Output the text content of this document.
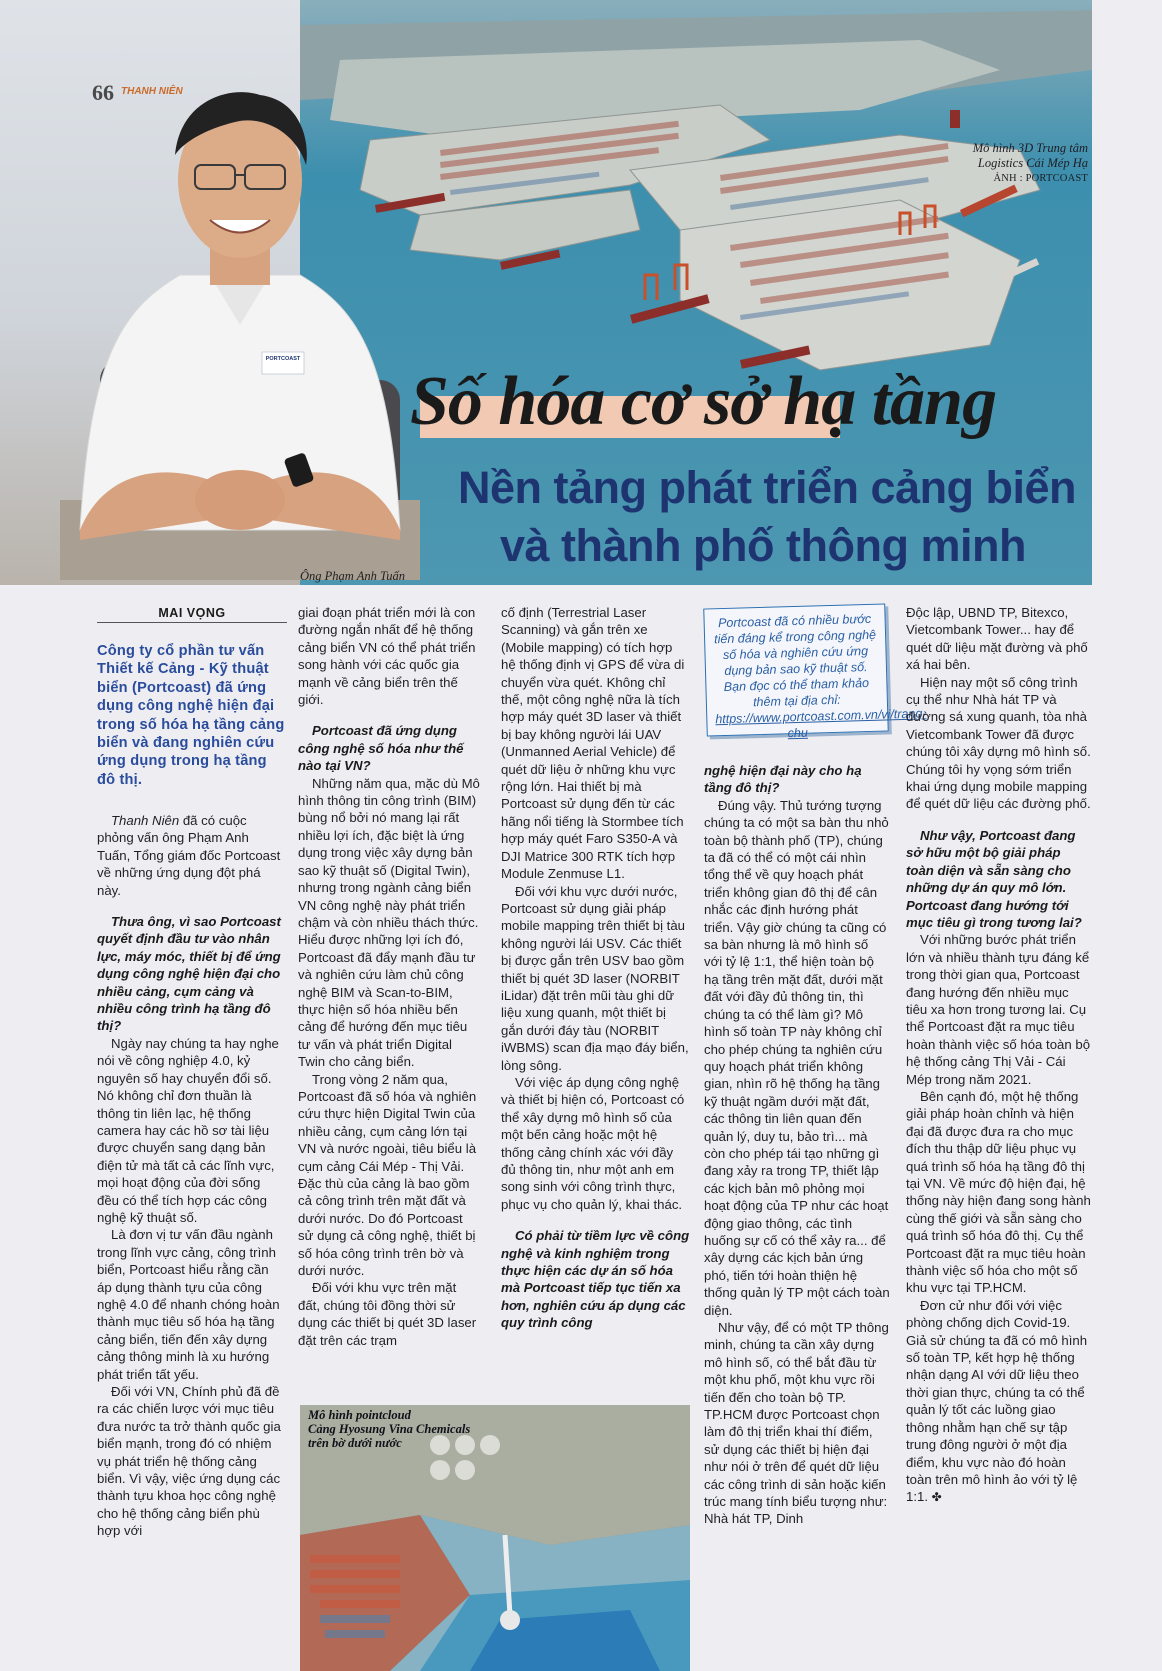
PORTCOAST
66 THANH NIÊN
Mô hình 3D Trung tâm
Logistics Cái Mép Hạ
ẢNH : PORTCOAST
Số hóa cơ sở hạ tầng
Nền tảng phát triển cảng biển
và thành phố thông minh
Ông Phạm Anh Tuấn
MAI VỌNG
Công ty cổ phần tư vấn Thiết kế Cảng - Kỹ thuật biển (Portcoast) đã ứng dụng công nghệ hiện đại trong số hóa hạ tầng cảng biển và đang nghiên cứu ứng dụng trong hạ tầng đô thị.

Thanh Niên đã có cuộc phỏng vấn ông Phạm Anh Tuấn, Tổng giám đốc Portcoast về những ứng dụng đột phá này.

Thưa ông, vì sao Portcoast quyết định đầu tư vào nhân lực, máy móc, thiết bị để ứng dụng công nghệ hiện đại cho nhiều cảng, cụm cảng và nhiều công trình hạ tầng đô thị?

Ngày nay chúng ta hay nghe nói về công nghiệp 4.0, kỷ nguyên số hay chuyển đổi số. Nó không chỉ đơn thuần là thông tin liên lạc, hệ thống camera hay các hồ sơ tài liệu được chuyển sang dạng bản điện tử mà tất cả các lĩnh vực, mọi hoạt động của đời sống đều có thể tích hợp các công nghệ kỹ thuật số.

Là đơn vị tư vấn đầu ngành trong lĩnh vực cảng, công trình biển, Portcoast hiểu rằng cần áp dụng thành tựu của công nghệ 4.0 để nhanh chóng hoàn thành mục tiêu số hóa hạ tầng cảng biển, tiến đến xây dựng cảng thông minh là xu hướng phát triển tất yếu.

Đối với VN, Chính phủ đã đề ra các chiến lược với mục tiêu đưa nước ta trở thành quốc gia biển mạnh, trong đó có nhiệm vụ phát triển hệ thống cảng biển. Vì vậy, việc ứng dụng các thành tựu khoa học công nghệ cho hệ thống cảng biển phù hợp với

giai đoạn phát triển mới là con đường ngắn nhất để hệ thống cảng biển VN có thể phát triển song hành với các quốc gia mạnh về cảng biển trên thế giới.

Portcoast đã ứng dụng công nghệ số hóa như thế nào tại VN?

Những năm qua, mặc dù Mô hình thông tin công trình (BIM) bùng nổ bởi nó mang lại rất nhiều lợi ích, đặc biệt là ứng dụng trong việc xây dựng bản sao kỹ thuật số (Digital Twin), nhưng trong ngành cảng biển VN công nghệ này phát triển chậm và còn nhiều thách thức. Hiểu được những lợi ích đó, Portcoast đã đẩy mạnh đầu tư và nghiên cứu làm chủ công nghệ BIM và Scan-to-BIM, thực hiện số hóa nhiều bến cảng để hướng đến mục tiêu tư vấn và phát triển Digital Twin cho cảng biển.

Trong vòng 2 năm qua, Portcoast đã số hóa và nghiên cứu thực hiện Digital Twin của nhiều cảng, cụm cảng lớn tại VN và nước ngoài, tiêu biểu là cụm cảng Cái Mép - Thị Vải. Đặc thù của cảng là bao gồm cả công trình trên mặt đất và dưới nước. Do đó Portcoast sử dụng cả công nghệ, thiết bị số hóa công trình trên bờ và dưới nước.

Đối với khu vực trên mặt đất, chúng tôi đồng thời sử dụng các thiết bị quét 3D laser đặt trên các trạm

cố định (Terrestrial Laser Scanning) và gắn trên xe (Mobile mapping) có tích hợp hệ thống định vị GPS để vừa di chuyển vừa quét. Không chỉ thế, một công nghệ nữa là tích hợp máy quét 3D laser và thiết bị bay không người lái UAV (Unmanned Aerial Vehicle) để quét dữ liệu ở những khu vực rộng lớn. Hai thiết bị mà Portcoast sử dụng đến từ các hãng nổi tiếng là Stormbee tích hợp máy quét Faro S350-A và DJI Matrice 300 RTK tích hợp Module Zenmuse L1.

Đối với khu vực dưới nước, Portcoast sử dụng giải pháp mobile mapping trên thiết bị tàu không người lái USV. Các thiết bị được gắn trên USV bao gồm thiết bị quét 3D laser (NORBIT iLidar) đặt trên mũi tàu ghi dữ liệu xung quanh, một thiết bị gắn dưới đáy tàu (NORBIT iWBMS) scan địa mạo đáy biển, lòng sông.

Với việc áp dụng công nghệ và thiết bị hiện có, Portcoast có thể xây dựng mô hình số của một bến cảng hoặc một hệ thống cảng chính xác với đầy đủ thông tin, như một anh em song sinh với công trình thực, phục vụ cho quản lý, khai thác.

Có phải từ tiềm lực về công nghệ và kinh nghiệm trong thực hiện các dự án số hóa mà Portcoast tiếp tục tiến xa hơn, nghiên cứu áp dụng các quy trình công

Portcoast đã có nhiều bước tiến đáng kể trong công nghệ số hóa và nghiên cứu ứng dụng bản sao kỹ thuật số. Bạn đọc có thể tham khảo thêm tại địa chỉ:
https://www.portcoast.com.vn/vi/trang-chu

nghệ hiện đại này cho hạ tầng đô thị?

Đúng vậy. Thủ tướng tượng chúng ta có một sa bàn thu nhỏ toàn bộ thành phố (TP), chúng ta đã có thể có một cái nhìn tổng thể về quy hoạch phát triển không gian đô thị để cân nhắc các định hướng phát triển. Vậy giờ chúng ta cũng có sa bàn nhưng là mô hình số với tỷ lệ 1:1, thể hiện toàn bộ hạ tầng trên mặt đất, dưới mặt đất với đầy đủ thông tin, thì chúng ta có thể làm gì? Mô hình số toàn TP này không chỉ cho phép chúng ta nghiên cứu quy hoạch phát triển không gian, nhìn rõ hệ thống hạ tầng kỹ thuật ngầm dưới mặt đất, các thông tin liên quan đến quản lý, duy tu, bảo trì... mà còn cho phép tái tạo những gì đang xảy ra trong TP, thiết lập các kịch bản mô phỏng mọi hoạt động của TP như các hoạt động giao thông, các tình huống sự cố có thể xảy ra... để xây dựng các kịch bản ứng phó, tiến tới hoàn thiện hệ thống quản lý TP một cách toàn diện.

Như vậy, để có một TP thông minh, chúng ta cần xây dựng mô hình số, có thể bắt đầu từ một khu phố, một khu vực rồi tiến đến cho toàn bộ TP. TP.HCM được Portcoast chọn làm đô thị triển khai thí điểm, sử dụng các thiết bị hiện đại như nói ở trên để quét dữ liệu các công trình di sản hoặc kiến trúc mang tính biểu tượng như: Nhà hát TP, Dinh

Độc lập, UBND TP, Bitexco, Vietcombank Tower... hay để quét dữ liệu mặt đường và phố xá hai bên.

Hiện nay một số công trình cụ thể như Nhà hát TP và đường sá xung quanh, tòa nhà Vietcombank Tower đã được chúng tôi xây dựng mô hình số. Chúng tôi hy vọng sớm triển khai ứng dụng mobile mapping để quét dữ liệu các đường phố.

Như vậy, Portcoast đang sở hữu một bộ giải pháp toàn diện và sẵn sàng cho những dự án quy mô lớn. Portcoast đang hướng tới mục tiêu gì trong tương lai?

Với những bước phát triển lớn và nhiều thành tựu đáng kể trong thời gian qua, Portcoast đang hướng đến nhiều mục tiêu xa hơn trong tương lai. Cụ thể Portcoast đặt ra mục tiêu hoàn thành việc số hóa toàn bộ hệ thống cảng Thị Vải - Cái Mép trong năm 2021.

Bên cạnh đó, một hệ thống giải pháp hoàn chỉnh và hiện đại đã được đưa ra cho mục đích thu thập dữ liệu phục vụ quá trình số hóa hạ tầng đô thị tại VN. Về mức độ hiện đại, hệ thống này hiện đang song hành cùng thế giới và sẵn sàng cho quá trình số hóa đô thị. Cụ thể Portcoast đặt ra mục tiêu hoàn thành việc số hóa cho một số khu vực tại TP.HCM.

Đơn cử như đối với việc phòng chống dịch Covid-19. Giả sử chúng ta đã có mô hình số toàn TP, kết hợp hệ thống nhận dạng AI với dữ liệu theo thời gian thực, chúng ta có thể quản lý tốt các luồng giao thông nhằm hạn chế sự tập trung đông người ở một địa điểm, khu vực nào đó hoàn toàn trên mô hình ảo với tỷ lệ 1:1. ✤

Mô hình pointcloud
Cảng Hyosung Vina Chemicals
trên bờ dưới nước
